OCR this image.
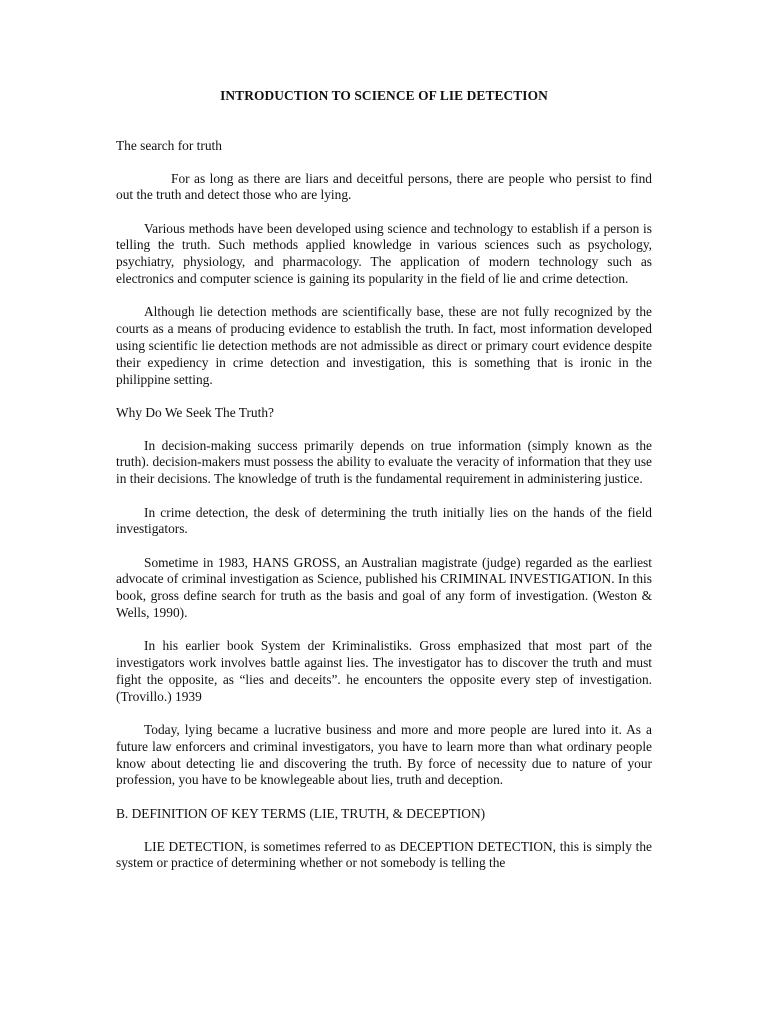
INTRODUCTION TO SCIENCE OF LIE DETECTION
The search for truth
For as long as there are liars and deceitful persons, there are people who persist to find out the truth and detect those who are lying.
Various methods have been developed using science and technology to establish if a person is telling the truth. Such methods applied knowledge in various sciences such as psychology, psychiatry, physiology, and pharmacology. The application of modern technology such as electronics and computer science is gaining its popularity in the field of lie and crime detection.
Although lie detection methods are scientifically base, these are not fully recognized by the courts as a means of producing evidence to establish the truth. In fact, most information developed using scientific lie detection methods are not admissible as direct or primary court evidence despite their expediency in crime detection and investigation, this is something that is ironic in the philippine setting.
Why Do We Seek The Truth?
In decision-making success primarily depends on true information (simply known as the truth). decision-makers must possess the ability to evaluate the veracity of information that they use in their decisions. The knowledge of truth is the fundamental requirement in administering justice.
In crime detection, the desk of determining the truth initially lies on the hands of the field investigators.
Sometime in 1983, HANS GROSS, an Australian magistrate (judge) regarded as the earliest advocate of criminal investigation as Science, published his CRIMINAL INVESTIGATION. In this book, gross define search for truth as the basis and goal of any form of investigation. (Weston & Wells, 1990).
In his earlier book System der Kriminalistiks. Gross emphasized that most part of the investigators work involves battle against lies. The investigator has to discover the truth and must fight the opposite, as “lies and deceits”. he encounters the opposite every step of investigation. (Trovillo.) 1939
Today, lying became a lucrative business and more and more people are lured into it. As a future law enforcers and criminal investigators, you have to learn more than what ordinary people know about detecting lie and discovering the truth. By force of necessity due to nature of your profession, you have to be knowlegeable about lies, truth and deception.
B. DEFINITION OF KEY TERMS (LIE, TRUTH, & DECEPTION)
LIE DETECTION, is sometimes referred to as DECEPTION DETECTION, this is simply the system or practice of determining whether or not somebody is telling the
